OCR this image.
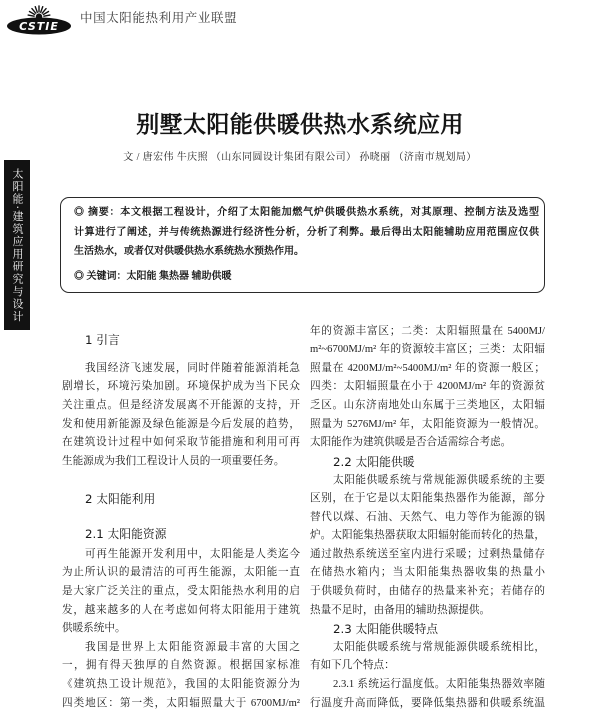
CSTIE
中国太阳能热利用产业联盟
太阳能·建筑应用研究与设计
别墅太阳能供暖供热水系统应用
文 / 唐宏伟 牛庆照 （山东同圆设计集团有限公司） 孙晓丽 （济南市规划局）
◎ 摘要：本文根据工程设计，介绍了太阳能加燃气炉供暖供热水系统，对其原理、控制方法及选型
计算进行了阐述，并与传统热源进行经济性分析，分析了利弊。最后得出太阳能辅助应用范围应仅供
生活热水，或者仅对供暖供热水系统热水预热作用。
◎ 关键词：太阳能 集热器 辅助供暖
1 引言
我国经济飞速发展，同时伴随着能源消耗急
剧增长，环境污染加剧。环境保护成为当下民众
关注重点。但是经济发展离不开能源的支持，开
发和使用新能源及绿色能源是今后发展的趋势，
在建筑设计过程中如何采取节能措施和利用可再
生能源成为我们工程设计人员的一项重要任务。
2 太阳能利用
2.1 太阳能资源
可再生能源开发利用中，太阳能是人类迄今
为止所认识的最清洁的可再生能源，太阳能一直
是大家广泛关注的重点，受太阳能热水利用的启
发，越来越多的人在考虑如何将太阳能用于建筑
供暖系统中。
我国是世界上太阳能资源最丰富的大国之
一，拥有得天独厚的自然资源。根据国家标准
《建筑热工设计规范》，我国的太阳能资源分为
四类地区：第一类，太阳辐照量大于 6700MJ/m²
年的资源丰富区；二类：太阳辐照量在 5400MJ/
m²~6700MJ/m² 年的资源较丰富区；三类：太阳辐
照量在 4200MJ/m²~5400MJ/m² 年的资源一般区；
四类：太阳辐照量在小于 4200MJ/m² 年的资源贫
乏区。山东济南地处山东属于三类地区，太阳辐
照量为 5276MJ/m² 年，太阳能资源为一般情况。
太阳能作为建筑供暖是否合适需综合考虑。
2.2 太阳能供暖
太阳能供暖系统与常规能源供暖系统的主要
区别，在于它是以太阳能集热器作为能源，部分
替代以煤、石油、天然气、电力等作为能源的锅
炉。太阳能集热器获取太阳辐射能而转化的热量，
通过散热系统送至室内进行采暖；过剩热量储存
在储热水箱内；当太阳能集热器收集的热量小
于供暖负荷时，由储存的热量来补充；若储存的
热量不足时，由备用的辅助热源提供。
2.3 太阳能供暖特点
太阳能供暖系统与常规能源供暖系统相比，
有如下几个特点：
2.3.1 系统运行温度低。太阳能集热器效率随
行温度升高而降低，要降低集热器和供暖系统温
